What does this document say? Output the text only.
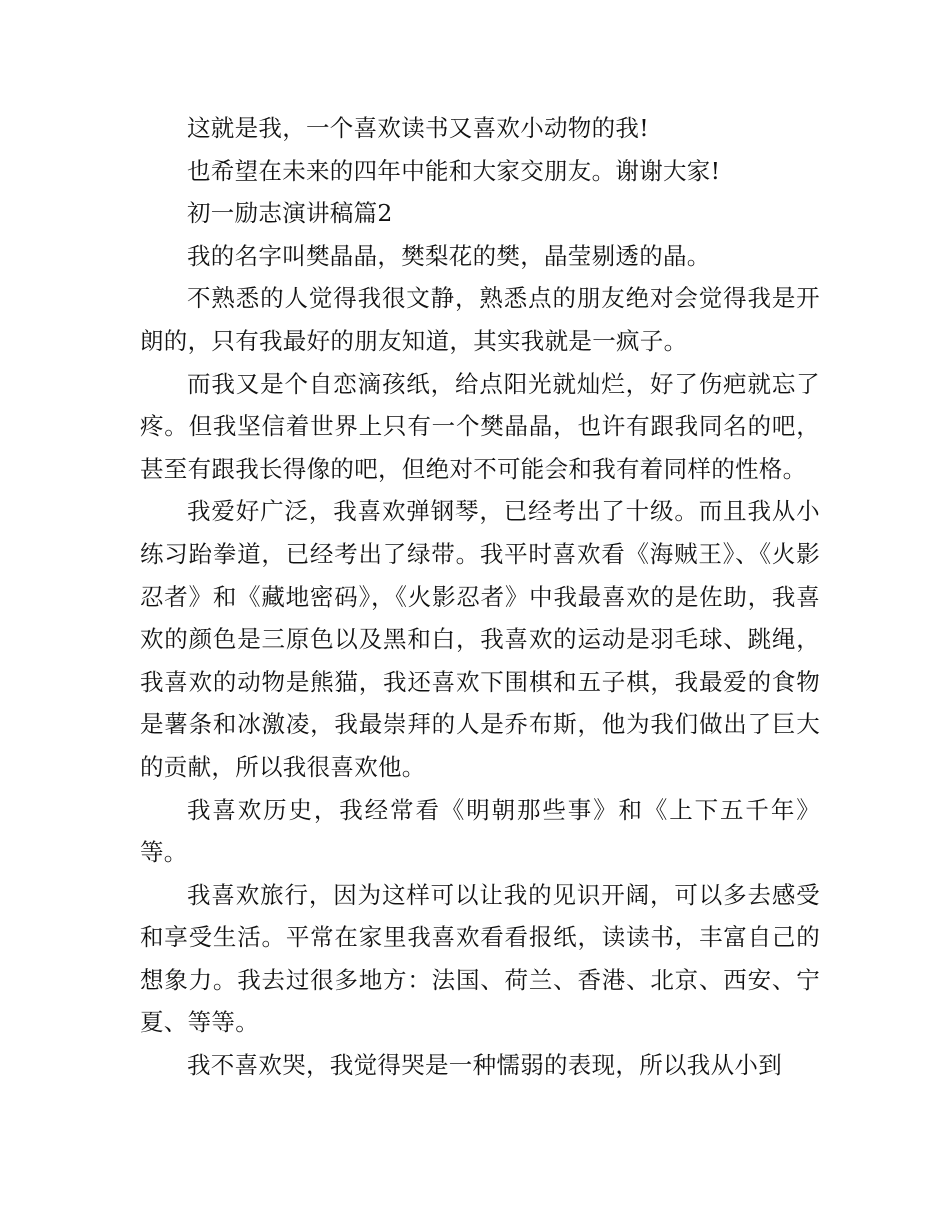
这就是我，一个喜欢读书又喜欢小动物的我!

也希望在未来的四年中能和大家交朋友。谢谢大家!

初一励志演讲稿篇2

我的名字叫樊晶晶，樊梨花的樊，晶莹剔透的晶。

不熟悉的人觉得我很文静，熟悉点的朋友绝对会觉得我是开朗的，只有我最好的朋友知道，其实我就是一疯子。

而我又是个自恋滴孩纸，给点阳光就灿烂，好了伤疤就忘了疼。但我坚信着世界上只有一个樊晶晶，也许有跟我同名的吧，甚至有跟我长得像的吧，但绝对不可能会和我有着同样的性格。

我爱好广泛，我喜欢弹钢琴，已经考出了十级。而且我从小练习跆拳道，已经考出了绿带。我平时喜欢看《海贼王》、《火影忍者》和《藏地密码》，《火影忍者》中我最喜欢的是佐助，我喜欢的颜色是三原色以及黑和白，我喜欢的运动是羽毛球、跳绳，我喜欢的动物是熊猫，我还喜欢下围棋和五子棋，我最爱的食物是薯条和冰激凌，我最崇拜的人是乔布斯，他为我们做出了巨大的贡献，所以我很喜欢他。

我喜欢历史，我经常看《明朝那些事》和《上下五千年》等。

我喜欢旅行，因为这样可以让我的见识开阔，可以多去感受和享受生活。平常在家里我喜欢看看报纸，读读书，丰富自己的想象力。我去过很多地方：法国、荷兰、香港、北京、西安、宁夏、等等。

我不喜欢哭，我觉得哭是一种懦弱的表现，所以我从小到
